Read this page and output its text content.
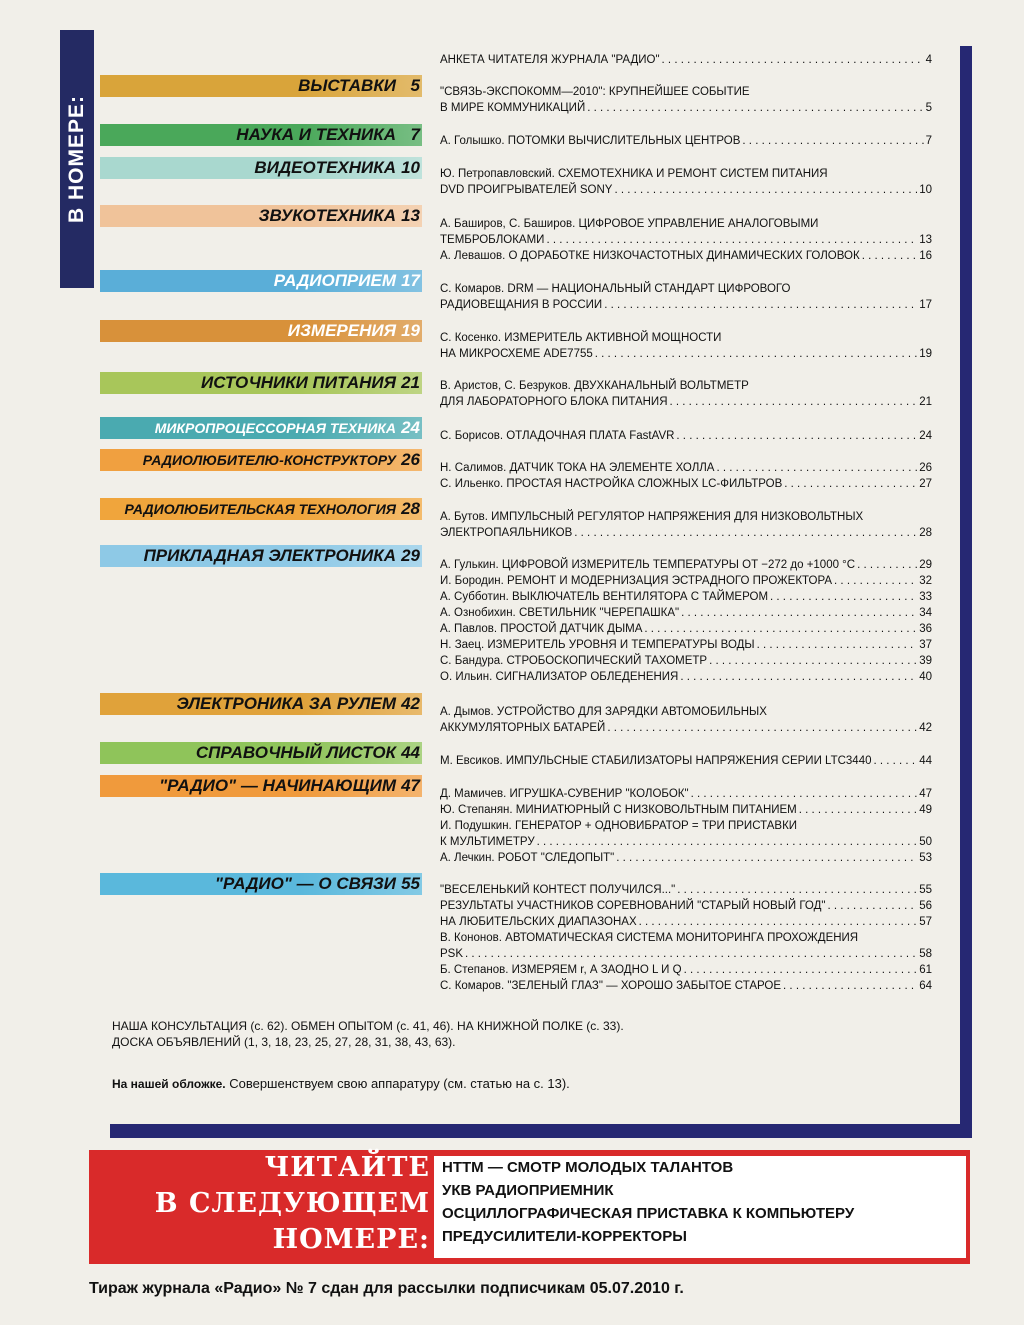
В НОМЕРЕ:
ВЫСТАВКИ 5
НАУКА И ТЕХНИКА 7
ВИДЕОТЕХНИКА 10
ЗВУКОТЕХНИКА 13
РАДИОПРИЕМ 17
ИЗМЕРЕНИЯ 19
ИСТОЧНИКИ ПИТАНИЯ 21
МИКРОПРОЦЕССОРНАЯ ТЕХНИКА 24
РАДИОЛЮБИТЕЛЮ-КОНСТРУКТОРУ 26
РАДИОЛЮБИТЕЛЬСКАЯ ТЕХНОЛОГИЯ 28
ПРИКЛАДНАЯ ЭЛЕКТРОНИКА 29
ЭЛЕКТРОНИКА ЗА РУЛЕМ 42
СПРАВОЧНЫЙ ЛИСТОК 44
"РАДИО" — НАЧИНАЮЩИМ 47
"РАДИО" — О СВЯЗИ 55
АНКЕТА ЧИТАТЕЛЯ ЖУРНАЛА "РАДИО" . . .	4
"СВЯЗЬ-ЭКСПОКОММ—2010": КРУПНЕЙШЕЕ СОБЫТИЕ
В МИРЕ КОММУНИКАЦИЙ . . .	5
А. Голышко. ПОТОМКИ ВЫЧИСЛИТЕЛЬНЫХ ЦЕНТРОВ . . .	7
Ю. Петропавловский. СХЕМОТЕХНИКА И РЕМОНТ СИСТЕМ ПИТАНИЯ
DVD ПРОИГРЫВАТЕЛЕЙ SONY . . .	10
А. Баширов, С. Баширов. ЦИФРОВОЕ УПРАВЛЕНИЕ АНАЛОГОВЫМИ
ТЕМБРОБЛОКАМИ . . .	13
А. Левашов. О ДОРАБОТКЕ НИЗКОЧАСТОТНЫХ ДИНАМИЧЕСКИХ ГОЛОВОК . . .	16
С. Комаров. DRM — НАЦИОНАЛЬНЫЙ СТАНДАРТ ЦИФРОВОГО
РАДИОВЕЩАНИЯ В РОССИИ . . .	17
С. Косенко. ИЗМЕРИТЕЛЬ АКТИВНОЙ МОЩНОСТИ
НА МИКРОСХЕМЕ ADE7755 . . .	19
В. Аристов, С. Безруков. ДВУХКАНАЛЬНЫЙ ВОЛЬТМЕТР
ДЛЯ ЛАБОРАТОРНОГО БЛОКА ПИТАНИЯ . . .	21
С. Борисов. ОТЛАДОЧНАЯ ПЛАТА FastAVR . . .	24
Н. Салимов. ДАТЧИК ТОКА НА ЭЛЕМЕНТЕ ХОЛЛА . . .	26
С. Ильенко. ПРОСТАЯ НАСТРОЙКА СЛОЖНЫХ LC-ФИЛЬТРОВ . . .	27
А. Бутов. ИМПУЛЬСНЫЙ РЕГУЛЯТОР НАПРЯЖЕНИЯ ДЛЯ НИЗКОВОЛЬТНЫХ
ЭЛЕКТРОПАЯЛЬНИКОВ . . .	28
А. Гулькин. ЦИФРОВОЙ ИЗМЕРИТЕЛЬ ТЕМПЕРАТУРЫ ОТ −272 до +1000 °С . . .	29
И. Бородин. РЕМОНТ И МОДЕРНИЗАЦИЯ ЭСТРАДНОГО ПРОЖЕКТОРА . . .	32
А. Субботин. ВЫКЛЮЧАТЕЛЬ ВЕНТИЛЯТОРА С ТАЙМЕРОМ . . .	33
А. Ознобихин. СВЕТИЛЬНИК "ЧЕРЕПАШКА" . . .	34
А. Павлов. ПРОСТОЙ ДАТЧИК ДЫМА . . .	36
Н. Заец. ИЗМЕРИТЕЛЬ УРОВНЯ И ТЕМПЕРАТУРЫ ВОДЫ . . .	37
С. Бандура. СТРОБОСКОПИЧЕСКИЙ ТАХОМЕТР . . .	39
О. Ильин. СИГНАЛИЗАТОР ОБЛЕДЕНЕНИЯ . . .	40
А. Дымов. УСТРОЙСТВО ДЛЯ ЗАРЯДКИ АВТОМОБИЛЬНЫХ
АККУМУЛЯТОРНЫХ БАТАРЕЙ . . .	42
М. Евсиков. ИМПУЛЬСНЫЕ СТАБИЛИЗАТОРЫ НАПРЯЖЕНИЯ СЕРИИ LTC3440 . . .	44
Д. Мамичев. ИГРУШКА-СУВЕНИР "КОЛОБОК" . . .	47
Ю. Степанян. МИНИАТЮРНЫЙ С НИЗКОВОЛЬТНЫМ ПИТАНИЕМ . . .	49
И. Подушкин. ГЕНЕРАТОР + ОДНОВИБРАТОР = ТРИ ПРИСТАВКИ
К МУЛЬТИМЕТРУ . . .	50
А. Лечкин. РОБОТ "СЛЕДОПЫТ" . . .	53
"ВЕСЕЛЕНЬКИЙ КОНТЕСТ ПОЛУЧИЛСЯ..." . . .	55
РЕЗУЛЬТАТЫ УЧАСТНИКОВ СОРЕВНОВАНИЙ "СТАРЫЙ НОВЫЙ ГОД" . . .	56
НА ЛЮБИТЕЛЬСКИХ ДИАПАЗОНАХ . . .	57
В. Кононов. АВТОМАТИЧЕСКАЯ СИСТЕМА МОНИТОРИНГА ПРОХОЖДЕНИЯ
PSK . . .	58
Б. Степанов. ИЗМЕРЯЕМ r, А ЗАОДНО L И Q . . .	61
С. Комаров. "ЗЕЛЕНЫЙ ГЛАЗ" — ХОРОШО ЗАБЫТОЕ СТАРОЕ . . .	64
НАША КОНСУЛЬТАЦИЯ (с. 62). ОБМЕН ОПЫТОМ (с. 41, 46). НА КНИЖНОЙ ПОЛКЕ (с. 33).
ДОСКА ОБЪЯВЛЕНИЙ (1, 3, 18, 23, 25, 27, 28, 31, 38, 43, 63).
На нашей обложке. Совершенствуем свою аппаратуру (см. статью на с. 13).
ЧИТАЙТЕ
В СЛЕДУЮЩЕМ
НОМЕРЕ:
НТТМ — СМОТР МОЛОДЫХ ТАЛАНТОВ
УКВ РАДИОПРИЕМНИК
ОСЦИЛЛОГРАФИЧЕСКАЯ ПРИСТАВКА К КОМПЬЮТЕРУ
ПРЕДУСИЛИТЕЛИ-КОРРЕКТОРЫ
Тираж журнала «Радио» № 7 сдан для рассылки подписчикам 05.07.2010 г.
